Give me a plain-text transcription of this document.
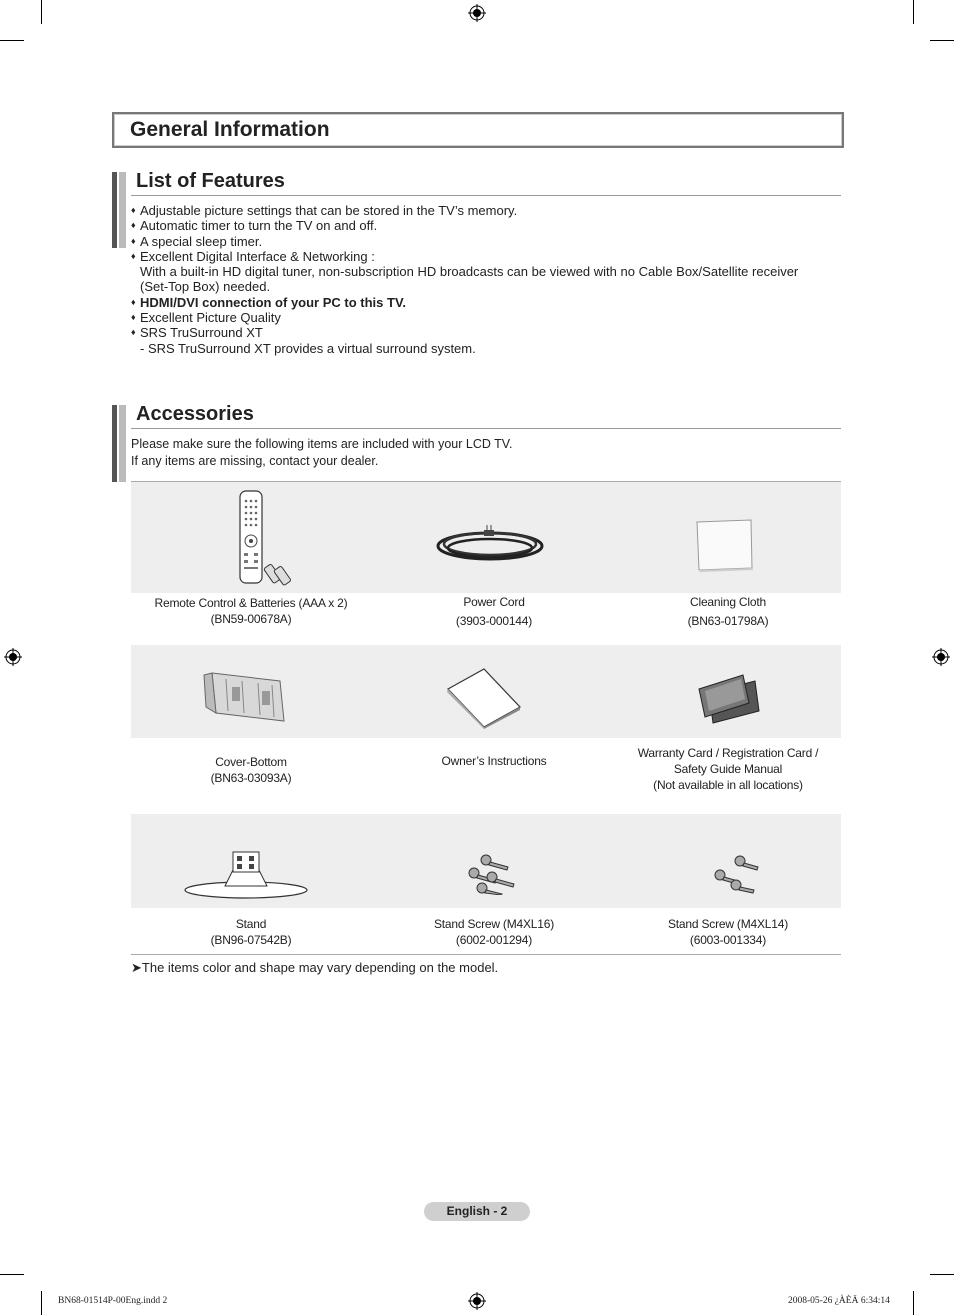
General Information
List of Features
♦ Adjustable picture settings that can be stored in the TV’s memory.
♦ Automatic timer to turn the TV on and off.
♦ A special sleep timer.
♦ Excellent Digital Interface & Networking :
With a built-in HD digital tuner, non-subscription HD broadcasts can be viewed with no Cable Box/Satellite receiver
(Set-Top Box) needed.
♦ HDMI/DVI connection of your PC to this TV.
♦ Excellent Picture Quality
♦ SRS TruSurround XT
- SRS TruSurround XT provides a virtual surround system.
Accessories
Please make sure the following items are included with your LCD TV.
If any items are missing, contact your dealer.
Remote Control & Batteries (AAA x 2)
(BN59-00678A)
Power Cord
(3903-000144)
Cleaning Cloth
(BN63-01798A)
Cover-Bottom
(BN63-03093A)
Owner’s Instructions
Warranty Card / Registration Card /
Safety Guide Manual
(Not available in all locations)
Stand
(BN96-07542B)
Stand Screw (M4XL16)
(6002-001294)
Stand Screw (M4XL14)
(6003-001334)
➤The items color and shape may vary depending on the model.
English - 2
BN68-01514P-00Eng.indd 2	2008-05-26 ¿ÀÈÄ 6:34:14
